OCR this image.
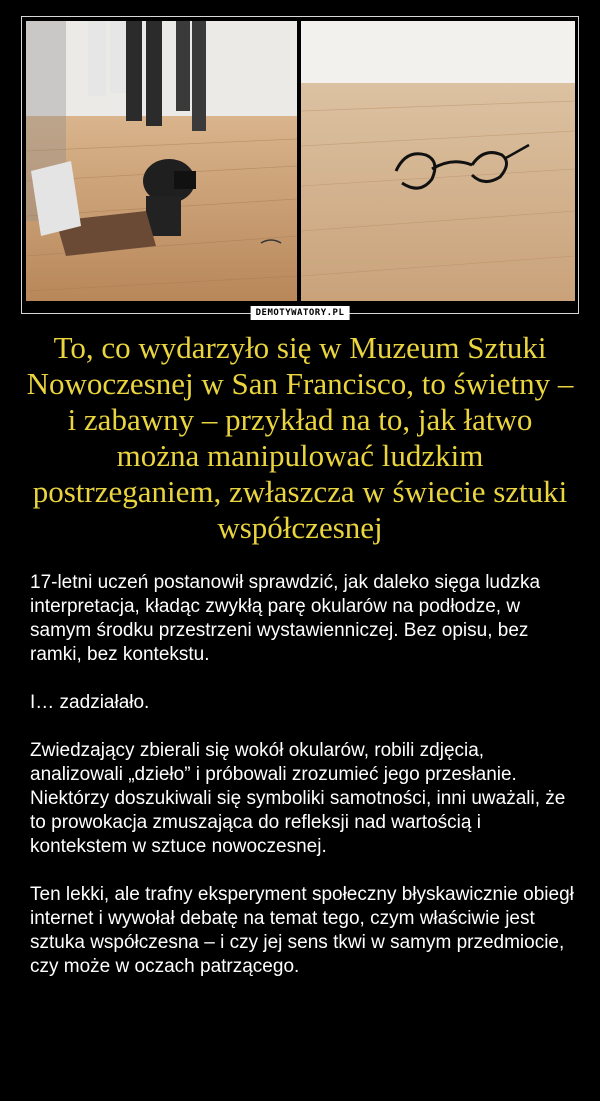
DEMOTYWATORY.PL
To, co wydarzyło się w Muzeum Sztuki Nowoczesnej w San Francisco, to świetny – i zabawny – przykład na to, jak łatwo można manipulować ludzkim postrzeganiem, zwłaszcza w świecie sztuki współczesnej

17-letni uczeń postanowił sprawdzić, jak daleko sięga ludzka interpretacja, kładąc zwykłą parę okularów na podłodze, w samym środku przestrzeni wystawienniczej. Bez opisu, bez ramki, bez kontekstu.

I… zadziałało.

Zwiedzający zbierali się wokół okularów, robili zdjęcia, analizowali „dzieło” i próbowali zrozumieć jego przesłanie. Niektórzy doszukiwali się symboliki samotności, inni uważali, że to prowokacja zmuszająca do refleksji nad wartością i kontekstem w sztuce nowoczesnej.

Ten lekki, ale trafny eksperyment społeczny błyskawicznie obiegł internet i wywołał debatę na temat tego, czym właściwie jest sztuka współczesna – i czy jej sens tkwi w samym przedmiocie, czy może w oczach patrzącego.
